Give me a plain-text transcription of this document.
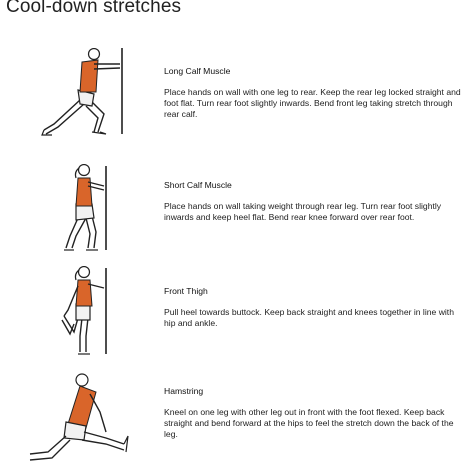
Cool-down stretches

Long Calf Muscle

Place hands on wall with one leg to rear. Keep the rear leg locked straight and foot flat. Turn rear foot slightly inwards. Bend front leg taking stretch through rear calf.

Short Calf Muscle

Place hands on wall taking weight through rear leg. Turn rear foot slightly inwards and keep heel flat. Bend rear knee forward over rear foot.

Front Thigh

Pull heel towards buttock. Keep back straight and knees together in line with hip and ankle.

Hamstring

Kneel on one leg with other leg out in front with the foot flexed. Keep back straight and bend forward at the hips to feel the stretch down the back of the leg.
